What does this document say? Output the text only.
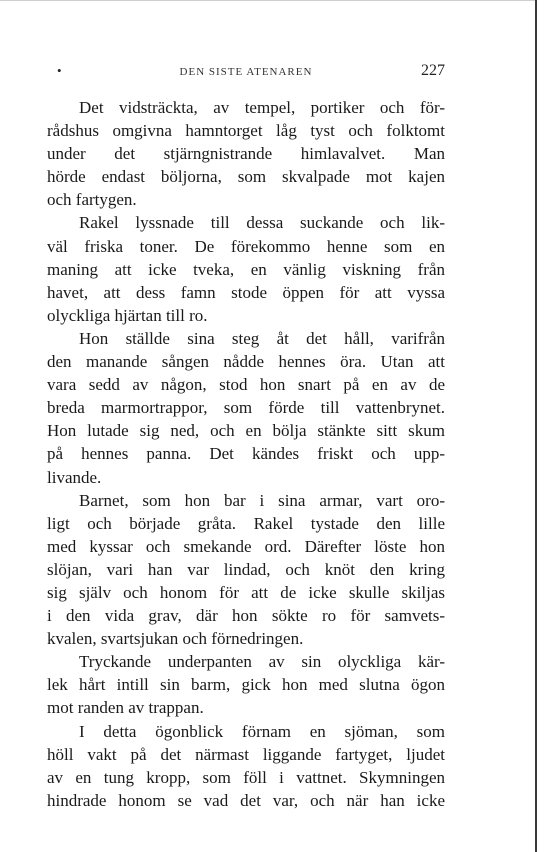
•	DEN SISTE ATENAREN	227
Det vidsträckta, av tempel, portiker och för-
rådshus omgivna hamntorget låg tyst och folktomt
under det stjärngnistrande himlavalvet. Man
hörde endast böljorna, som skvalpade mot kajen
och fartygen.
Rakel lyssnade till dessa suckande och lik-
väl friska toner. De förekommo henne som en
maning att icke tveka, en vänlig viskning från
havet, att dess famn stode öppen för att vyssa
olyckliga hjärtan till ro.
Hon ställde sina steg åt det håll, varifrån
den manande sången nådde hennes öra. Utan att
vara sedd av någon, stod hon snart på en av de
breda marmortrappor, som förde till vattenbrynet.
Hon lutade sig ned, och en bölja stänkte sitt skum
på hennes panna. Det kändes friskt och upp-
livande.
Barnet, som hon bar i sina armar, vart oro-
ligt och började gråta. Rakel tystade den lille
med kyssar och smekande ord. Därefter löste hon
slöjan, vari han var lindad, och knöt den kring
sig själv och honom för att de icke skulle skiljas
i den vida grav, där hon sökte ro för samvets-
kvalen, svartsjukan och förnedringen.
Tryckande underpanten av sin olyckliga kär-
lek hårt intill sin barm, gick hon med slutna ögon
mot randen av trappan.
I detta ögonblick förnam en sjöman, som
höll vakt på det närmast liggande fartyget, ljudet
av en tung kropp, som föll i vattnet. Skymningen
hindrade honom se vad det var, och när han icke
